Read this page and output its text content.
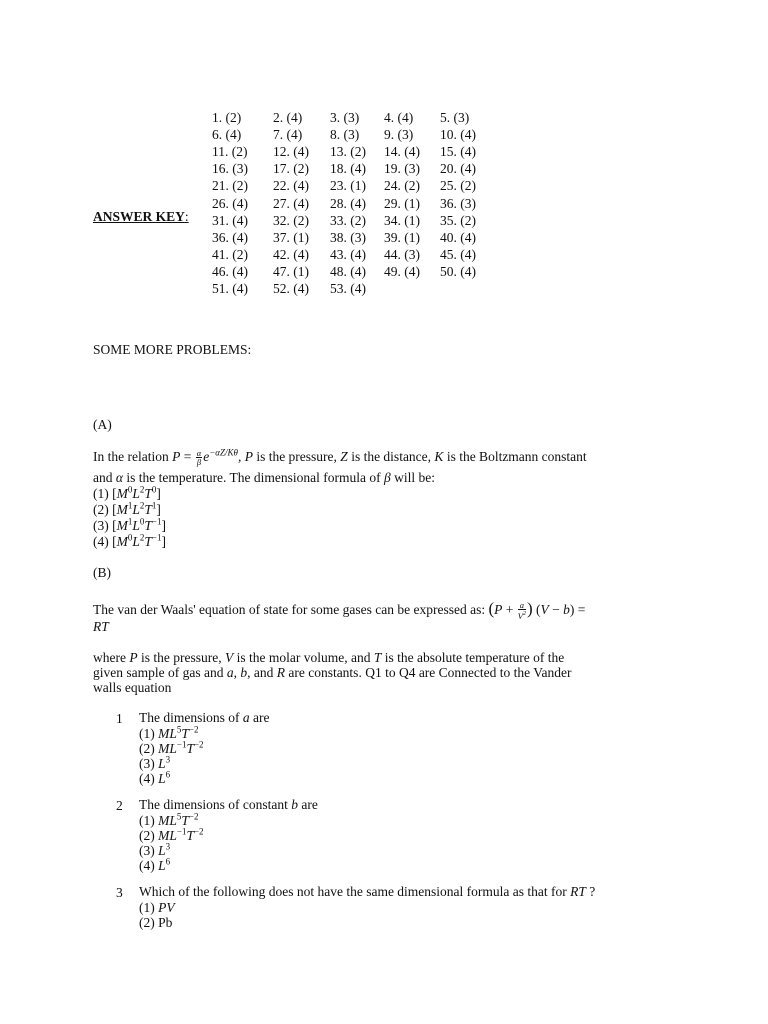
ANSWER KEY:
1. (2) 2. (4) 3. (3) 4. (4) 5. (3)
6. (4) 7. (4) 8. (3) 9. (3) 10. (4)
11. (2) 12. (4) 13. (2) 14. (4) 15. (4)
16. (3) 17. (2) 18. (4) 19. (3) 20. (4)
21. (2) 22. (4) 23. (1) 24. (2) 25. (2)
26. (4) 27. (4) 28. (4) 29. (1) 36. (3)
31. (4) 32. (2) 33. (2) 34. (1) 35. (2)
36. (4) 37. (1) 38. (3) 39. (1) 40. (4)
41. (2) 42. (4) 43. (4) 44. (3) 45. (4)
46. (4) 47. (1) 48. (4) 49. (4) 50. (4)
51. (4) 52. (4) 53. (4)
SOME MORE PROBLEMS:
(A)
In the relation $P = \frac{\alpha}{\beta} e^{-\alpha Z/K\theta}$, P is the pressure, Z is the distance, K is the Boltzmann constant
and α is the temperature. The dimensional formula of β will be:
(1) $[M^0L^2T^0]$
(2) $[M^1L^2T^1]$
(3) $[M^1L^0T^{-1}]$
(4) $[M^0L^2T^{-1}]$
(B)
The van der Waals' equation of state for some gases can be expressed as: ($P + \frac{a}{V^2}$ ) (V − b) =
RT
where P is the pressure, V is the molar volume, and T is the absolute temperature of the
given sample of gas and a, b, and R are constants. Q1 to Q4 are Connected to the Vander
walls equation
1 The dimensions of a are
(1) $ML^5T^{-2}$
(2) $ML^{-1}T^{-2}$
(3) $L^3$
(4) $L^6$
2 The dimensions of constant b are
(1) $ML^5T^{-2}$
(2) $ML^{-1}T^{-2}$
(3) $L^3$
(4) $L^6$
3 Which of the following does not have the same dimensional formula as that for RT ?
(1) PV
(2) Pb
